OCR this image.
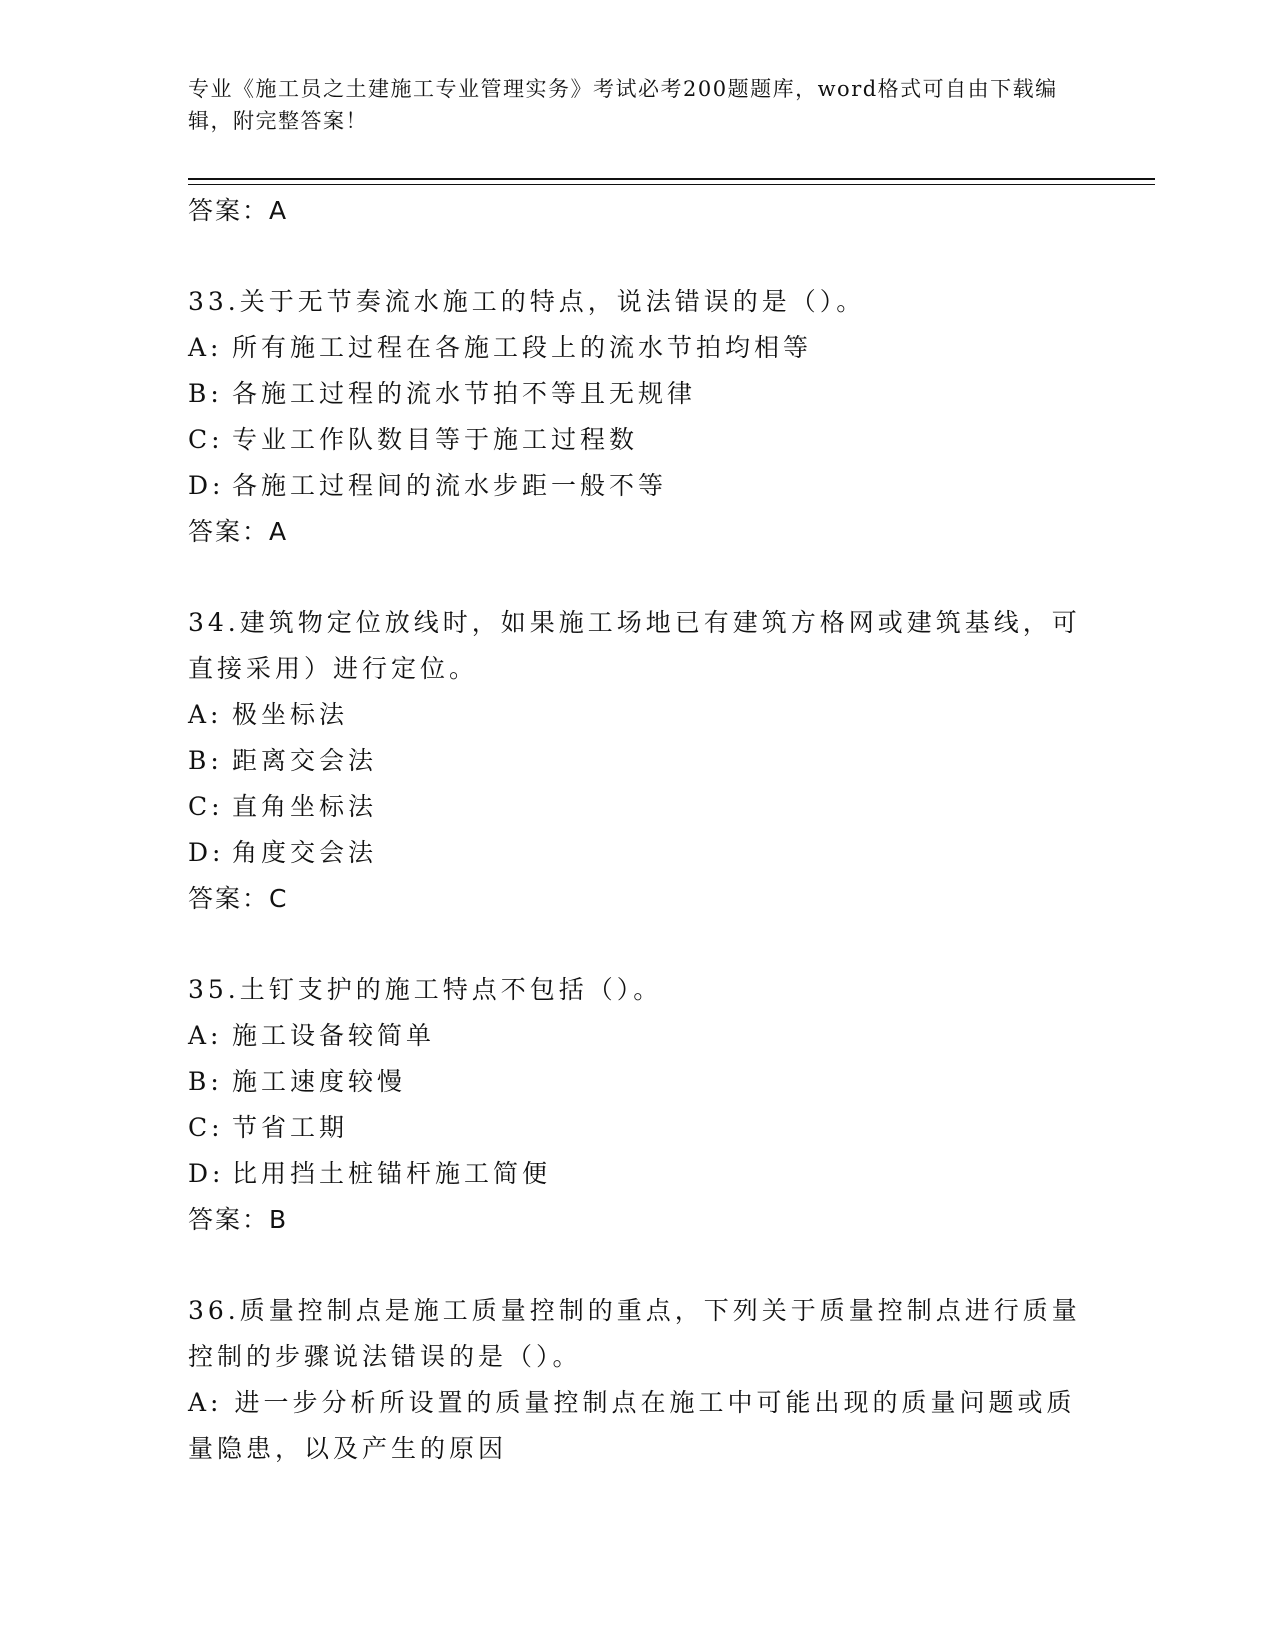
专业《施工员之土建施工专业管理实务》考试必考200题题库，word格式可自由下载编辑，附完整答案！
答案：A
33.关于无节奏流水施工的特点，说法错误的是（）。
A: 所有施工过程在各施工段上的流水节拍均相等
B: 各施工过程的流水节拍不等且无规律
C: 专业工作队数目等于施工过程数
D: 各施工过程间的流水步距一般不等
答案：A
34.建筑物定位放线时，如果施工场地已有建筑方格网或建筑基线，可直接采用）进行定位。
A: 极坐标法
B: 距离交会法
C: 直角坐标法
D: 角度交会法
答案：C
35.土钉支护的施工特点不包括（）。
A: 施工设备较简单
B: 施工速度较慢
C: 节省工期
D: 比用挡土桩锚杆施工简便
答案：B
36.质量控制点是施工质量控制的重点，下列关于质量控制点进行质量控制的步骤说法错误的是（）。
A: 进一步分析所设置的质量控制点在施工中可能出现的质量问题或质量隐患，以及产生的原因
